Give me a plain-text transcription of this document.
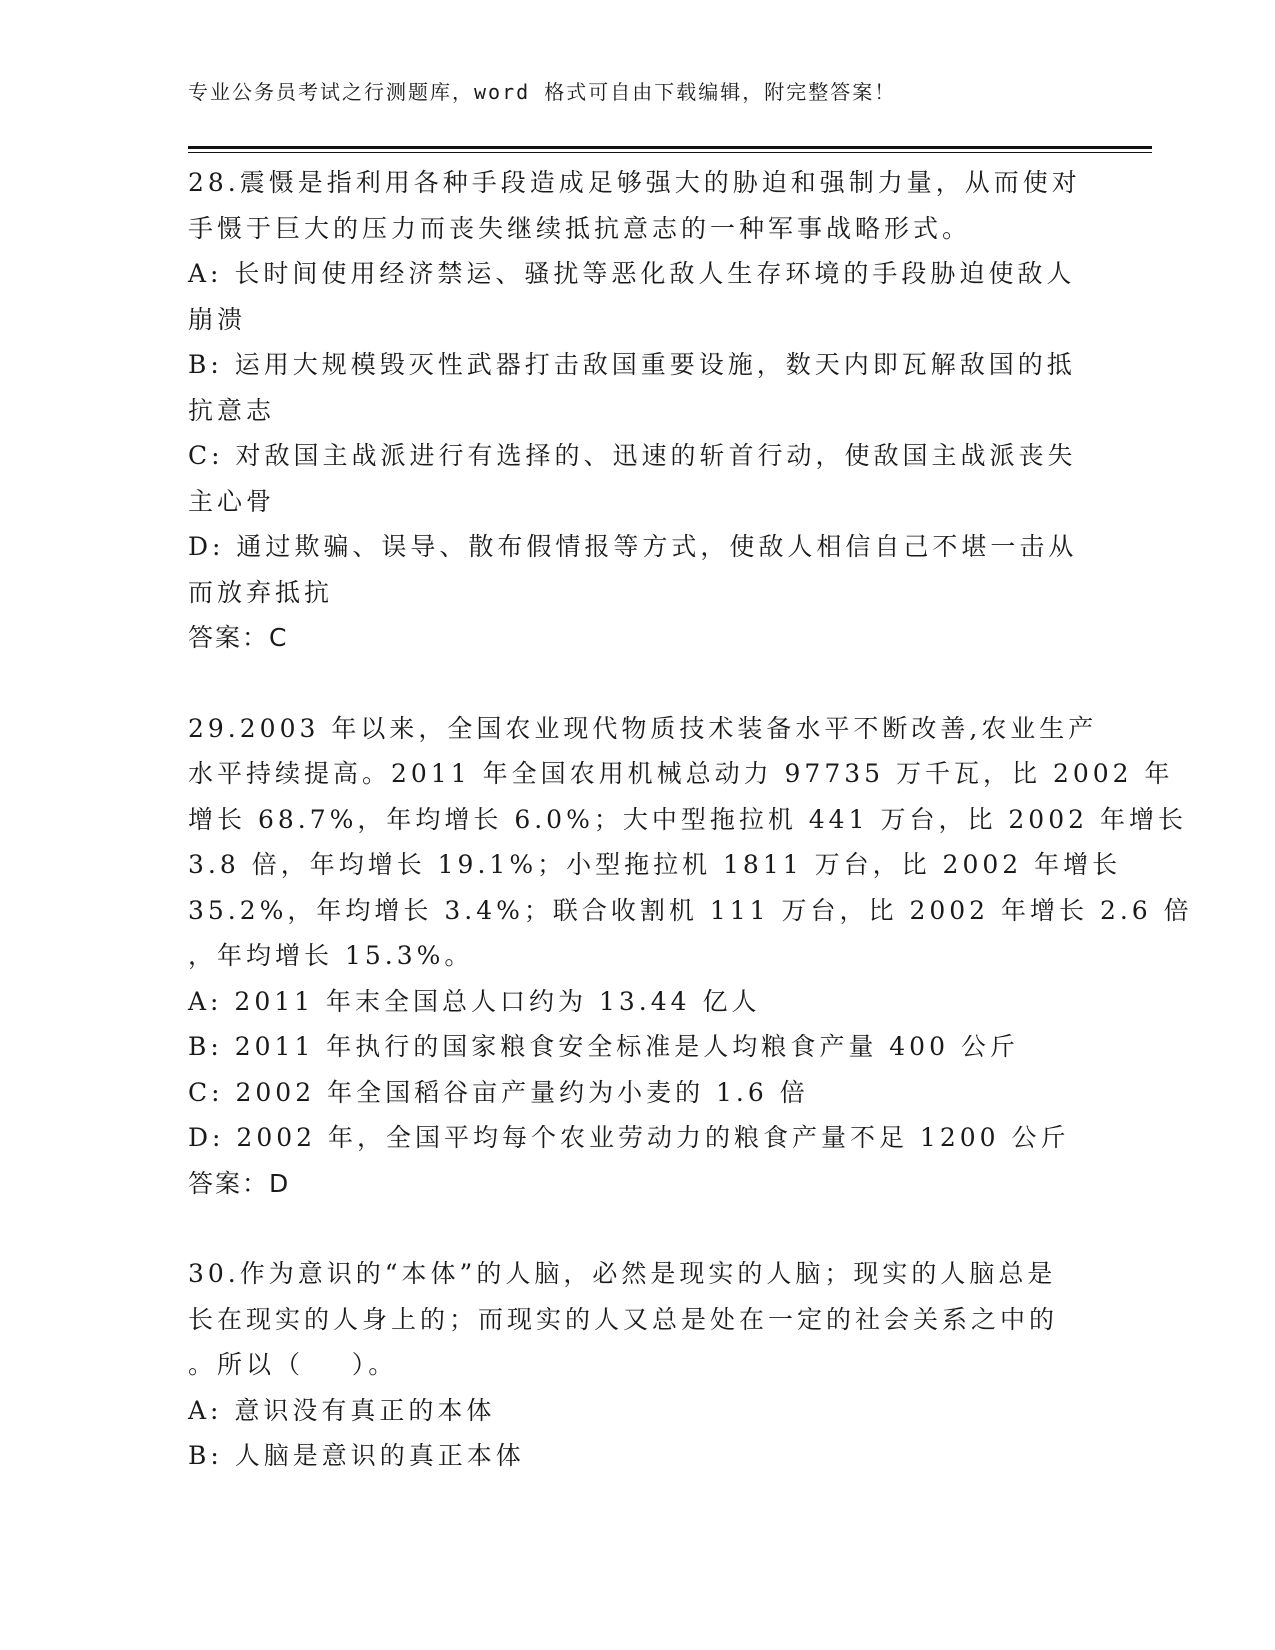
专业公务员考试之行测题库，word 格式可自由下载编辑，附完整答案！
28.震慑是指利用各种手段造成足够强大的胁迫和强制力量，从而使对
手慑于巨大的压力而丧失继续抵抗意志的一种军事战略形式。
A: 长时间使用经济禁运、骚扰等恶化敌人生存环境的手段胁迫使敌人
崩溃
B: 运用大规模毁灭性武器打击敌国重要设施，数天内即瓦解敌国的抵
抗意志
C: 对敌国主战派进行有选择的、迅速的斩首行动，使敌国主战派丧失
主心骨
D: 通过欺骗、误导、散布假情报等方式，使敌人相信自己不堪一击从
而放弃抵抗
答案：C
29.2003 年以来，全国农业现代物质技术装备水平不断改善,农业生产
水平持续提高。2011 年全国农用机械总动力 97735 万千瓦，比 2002 年
增长 68.7%，年均增长 6.0%；大中型拖拉机 441 万台，比 2002 年增长
3.8 倍，年均增长 19.1%；小型拖拉机 1811 万台，比 2002 年增长
35.2%，年均增长 3.4%；联合收割机 111 万台，比 2002 年增长 2.6 倍
，年均增长 15.3%。
A: 2011 年末全国总人口约为 13.44 亿人
B: 2011 年执行的国家粮食安全标准是人均粮食产量 400 公斤
C: 2002 年全国稻谷亩产量约为小麦的 1.6 倍
D: 2002 年，全国平均每个农业劳动力的粮食产量不足 1200 公斤
答案：D
30.作为意识的“本体”的人脑，必然是现实的人脑；现实的人脑总是
长在现实的人身上的；而现实的人又总是处在一定的社会关系之中的
。所以（    ）。
A: 意识没有真正的本体
B: 人脑是意识的真正本体
